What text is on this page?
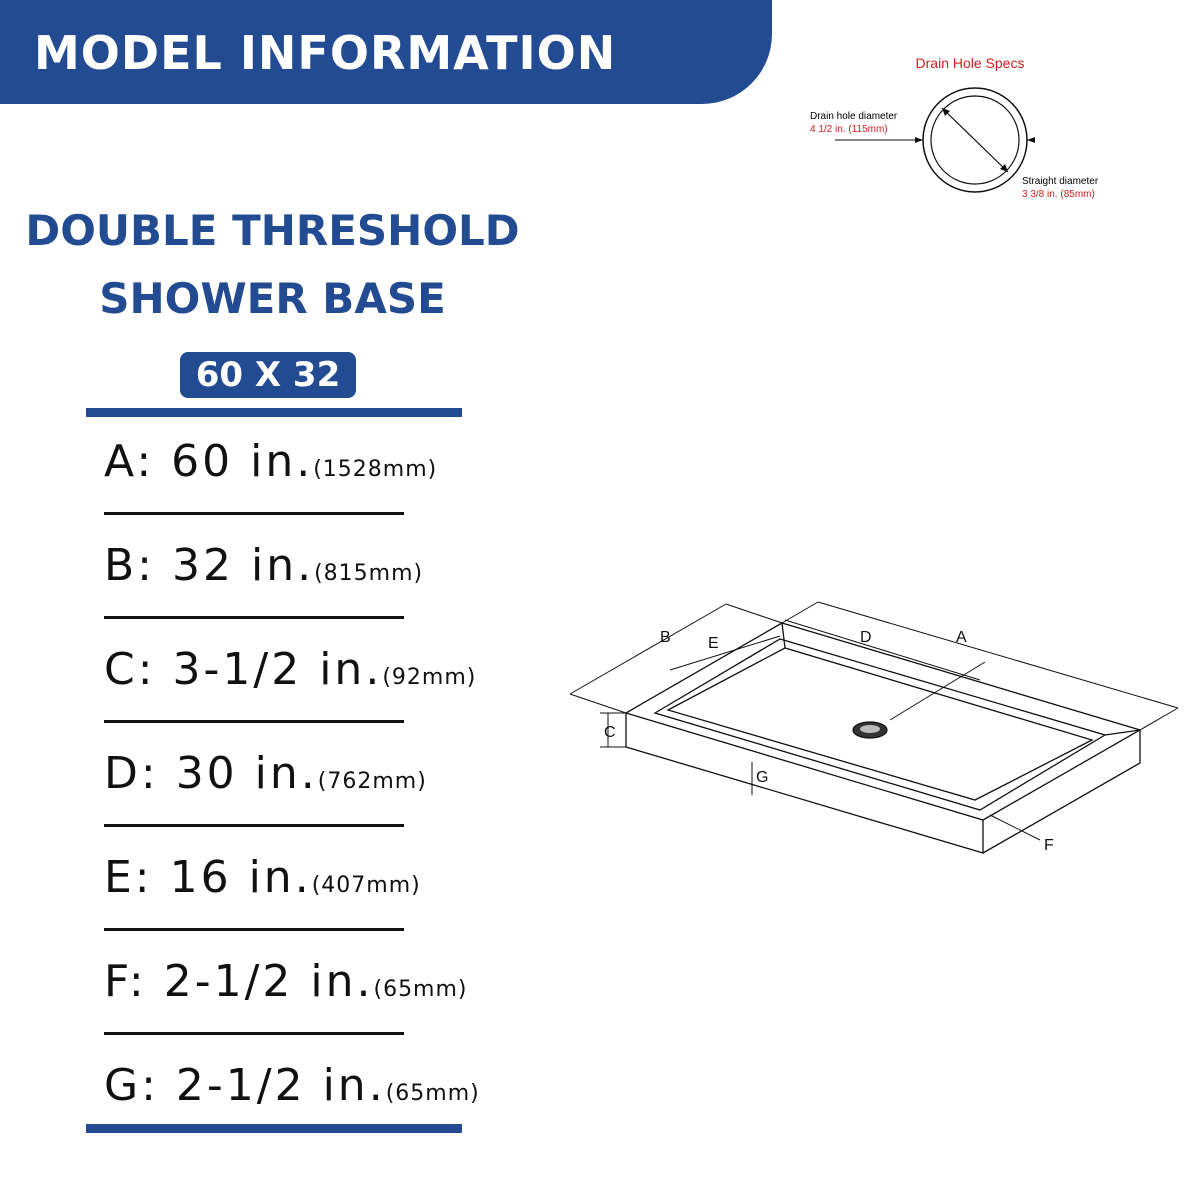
MODEL INFORMATION
DOUBLE THRESHOLD
SHOWER BASE
60 X 32
A: 60 in.(1528mm)
B: 32 in.(815mm)
C: 3-1/2 in.(92mm)
D: 30 in.(762mm)
E: 16 in.(407mm)
F: 2-1/2 in.(65mm)
G: 2-1/2 in.(65mm)
Drain Hole Specs
Drain hole diameter
4 1/2 in. (115mm)
Straight diameter
3 3/8 in. (85mm)
B E	D	A
C
G
F
